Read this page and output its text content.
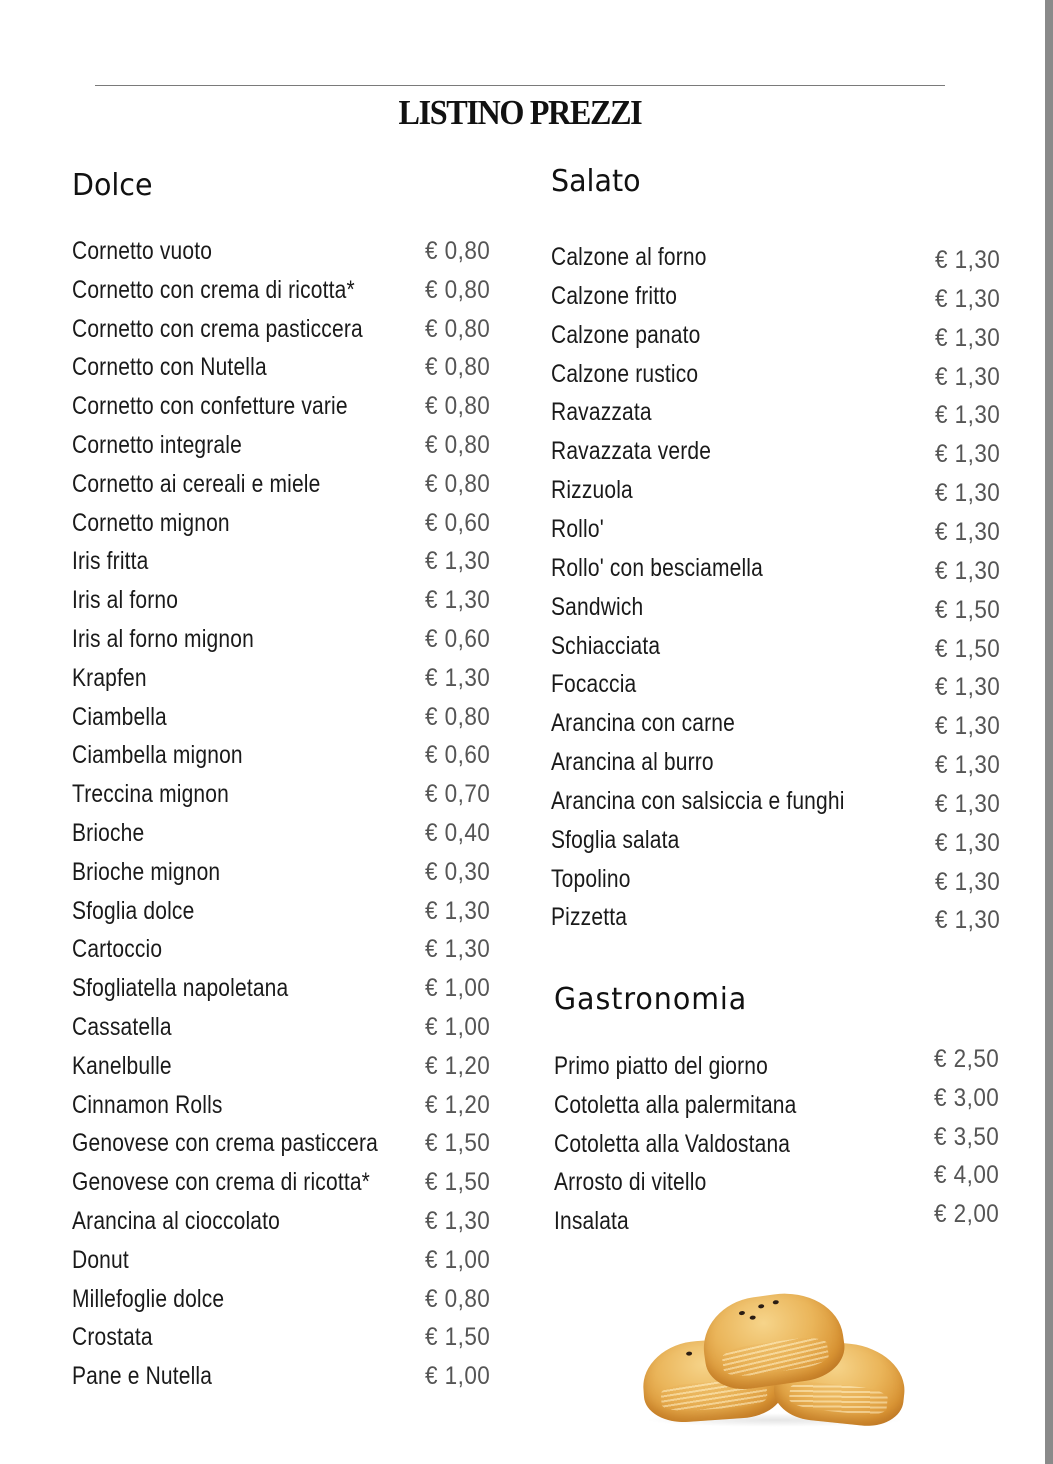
LISTINO PREZZI
Dolce	Salato
Gastronomia
Cornetto vuoto	€ 0,80
Cornetto con crema di ricotta*	€ 0,80
Cornetto con crema pasticcera € 0,80
Cornetto con Nutella	€ 0,80
Cornetto con confetture varie	€ 0,80
Cornetto integrale	€ 0,80
Cornetto ai cereali e miele	€ 0,80
Cornetto mignon	€ 0,60
Iris fritta	€ 1,30
Iris al forno	€ 1,30
Iris al forno mignon	€ 0,60
Krapfen	€ 1,30
Ciambella	€ 0,80
Ciambella mignon	€ 0,60
Treccina mignon	€ 0,70
Brioche	€ 0,40
Brioche mignon	€ 0,30
Sfoglia dolce	€ 1,30
Cartoccio	€ 1,30
Sfogliatella napoletana	€ 1,00
Cassatella	€ 1,00
Kanelbulle	€ 1,20
Cinnamon Rolls	€ 1,20
Genovese con crema pasticcera € 1,50
Genovese con crema di ricotta* € 1,50
Arancina al cioccolato	€ 1,30
Donut	€ 1,00
Millefoglie dolce	€ 0,80
Crostata	€ 1,50
Pane e Nutella	€ 1,00
Calzone al forno	€ 1,30
Calzone fritto	€ 1,30
Calzone panato	€ 1,30
Calzone rustico	€ 1,30
Ravazzata	€ 1,30
Ravazzata verde	€ 1,30
Rizzuola	€ 1,30
Rollo'	€ 1,30
Rollo' con besciamella	€ 1,30
Sandwich	€ 1,50
Schiacciata	€ 1,50
Focaccia	€ 1,30
Arancina con carne	€ 1,30
Arancina al burro	€ 1,30
Arancina con salsiccia e funghi	€ 1,30
Sfoglia salata	€ 1,30
Topolino	€ 1,30
Pizzetta	€ 1,30
Primo piatto del giorno	€ 2,50
Cotoletta alla palermitana	€ 3,00
Cotoletta alla Valdostana	€ 3,50
Arrosto di vitello	€ 4,00
Insalata	€ 2,00
